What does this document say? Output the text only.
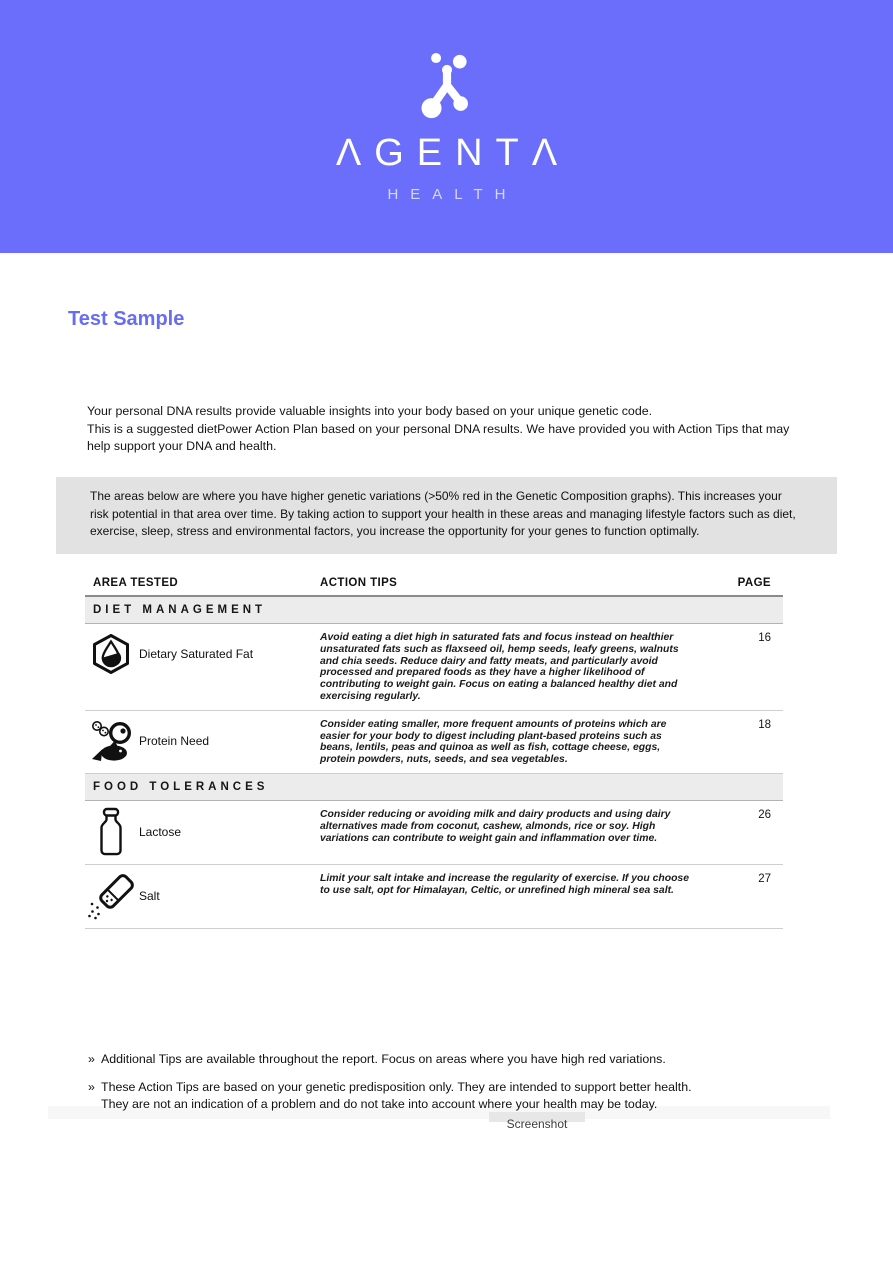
ΛGENTΛ
HEALTH
Test Sample

Your personal DNA results provide valuable insights into your body based on your unique genetic code.

This is a suggested dietPower Action Plan based on your personal DNA results. We have provided you with Action Tips that may help support your DNA and health.

The areas below are where you have higher genetic variations (>50% red in the Genetic Composition graphs). This increases your risk potential in that area over time. By taking action to support your health in these areas and managing lifestyle factors such as diet, exercise, sleep, stress and environmental factors, you increase the opportunity for your genes to function optimally.
AREA TESTED	ACTION TIPS	PAGE
DIET MANAGEMENT
Dietary Saturated Fat
Avoid eating a diet high in saturated fats and focus instead on healthier unsaturated fats such as flaxseed oil, hemp seeds, leafy greens, walnuts and chia seeds. Reduce dairy and fatty meats, and particularly avoid processed and prepared foods as they have a higher likelihood of contributing to weight gain. Focus on eating a balanced healthy diet and exercising regularly.
16
Protein Need
Consider eating smaller, more frequent amounts of proteins which are easier for your body to digest including plant-based proteins such as beans, lentils, peas and quinoa as well as fish, cottage cheese, eggs, protein powders, nuts, seeds, and sea vegetables.
18
FOOD TOLERANCES
Lactose
Consider reducing or avoiding milk and dairy products and using dairy alternatives made from coconut, cashew, almonds, rice or soy. High variations can contribute to weight gain and inflammation over time.
26
Salt
Limit your salt intake and increase the regularity of exercise. If you choose to use salt, opt for Himalayan, Celtic, or unrefined high mineral sea salt.
27
» Additional Tips are available throughout the report. Focus on areas where you have high red variations.
» These Action Tips are based on your genetic predisposition only. They are intended to support better health.
They are not an indication of a problem and do not take into account where your health may be today.
Screenshot
